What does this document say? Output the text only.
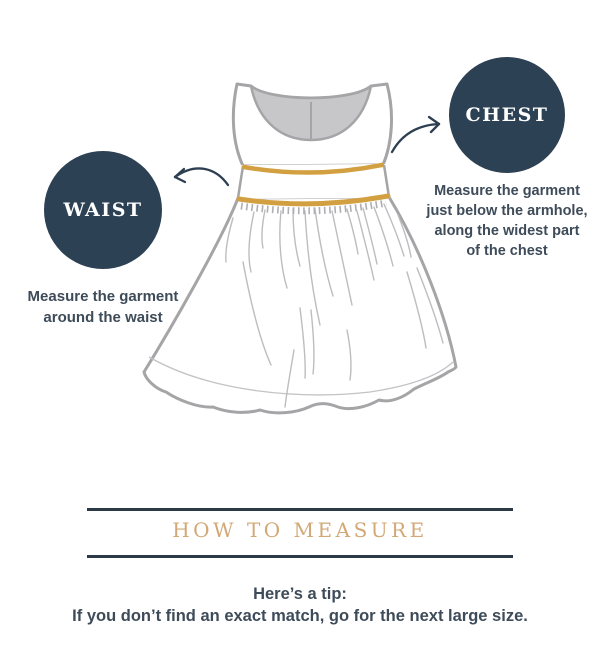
WAIST
CHEST
Measure the garment
around the waist
Measure the garment
just below the armhole,
along the widest part
of the chest
HOW TO MEASURE
Here’s a tip:
If you don’t find an exact match, go for the next large size.
